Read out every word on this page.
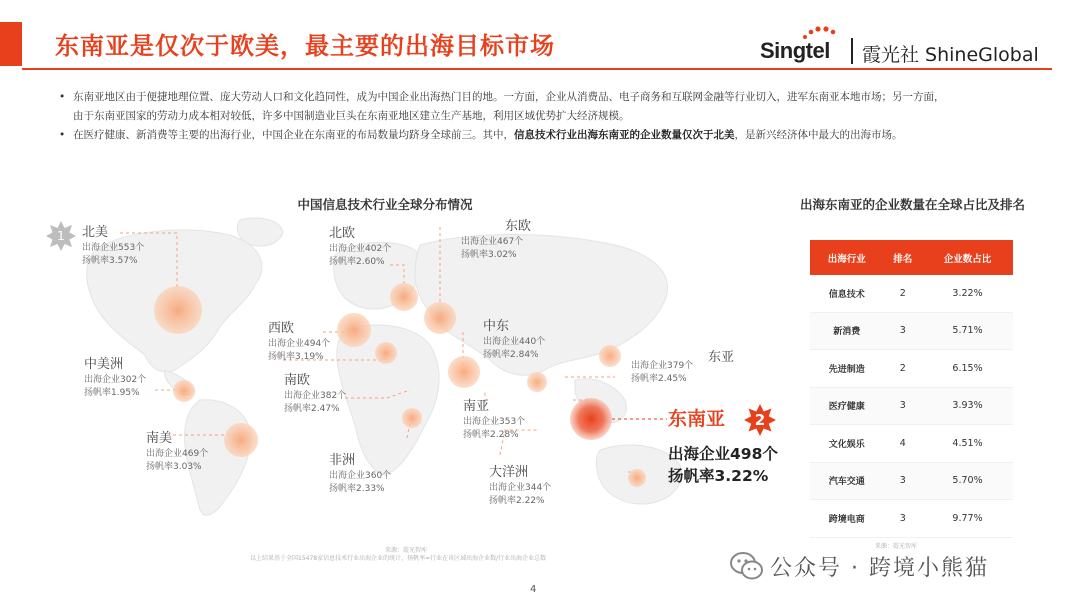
东南亚是仅次于欧美，最主要的出海目标市场	Singtel 霞光社 ShineGlobal
• 东南亚地区由于便捷地理位置、庞大劳动人口和文化趋同性，成为中国企业出海热门目的地。一方面，企业从消费品、电子商务和互联网金融等行业切入，进军东南亚本地市场；另一方面，
由于东南亚国家的劳动力成本相对较低，许多中国制造业巨头在东南亚地区建立生产基地，利用区域优势扩大经济规模。
• 在医疗健康、新消费等主要的出海行业，中国企业在东南亚的布局数量均跻身全球前三。其中，信息技术行业出海东南亚的企业数量仅次于北美，是新兴经济体中最大的出海市场。
中国信息技术行业全球分布情况
1	北美
出海企业553个
扬帆率3.57%
北欧
出海企业402个
扬帆率2.60%
东欧
出海企业467个
扬帆率3.02%
西欧
出海企业494个
扬帆率3.19%
中东
出海企业440个
扬帆率2.84%
中美洲
出海企业302个
扬帆率1.95%
南欧
出海企业382个
扬帆率2.47%
南美
出海企业469个
扬帆率3.03%
南亚
出海企业353个
扬帆率2.28%
非洲
出海企业360个
扬帆率2.33%
大洋洲
出海企业344个
扬帆率2.22%
东亚
出海企业379个
扬帆率2.45%
东南亚	2
出海企业498个
扬帆率3.22%
出海东南亚的企业数量在全球占比及排名
出海行业	排名	企业数占比
信息技术	2	3.22%
新消费	3	5.71%
先进制造	2	6.15%
医疗健康	3	3.93%
文化娱乐	4	4.51%
汽车交通	3	5.70%
跨境电商	3	9.77%
来源：霞光智库
以上结果基于全国15478家信息技术行业出海企业的统计，扬帆率=行业在该区域出海企业数/行业出海企业总数
来源：霞光智库
4
公众号 · 跨境小熊猫
